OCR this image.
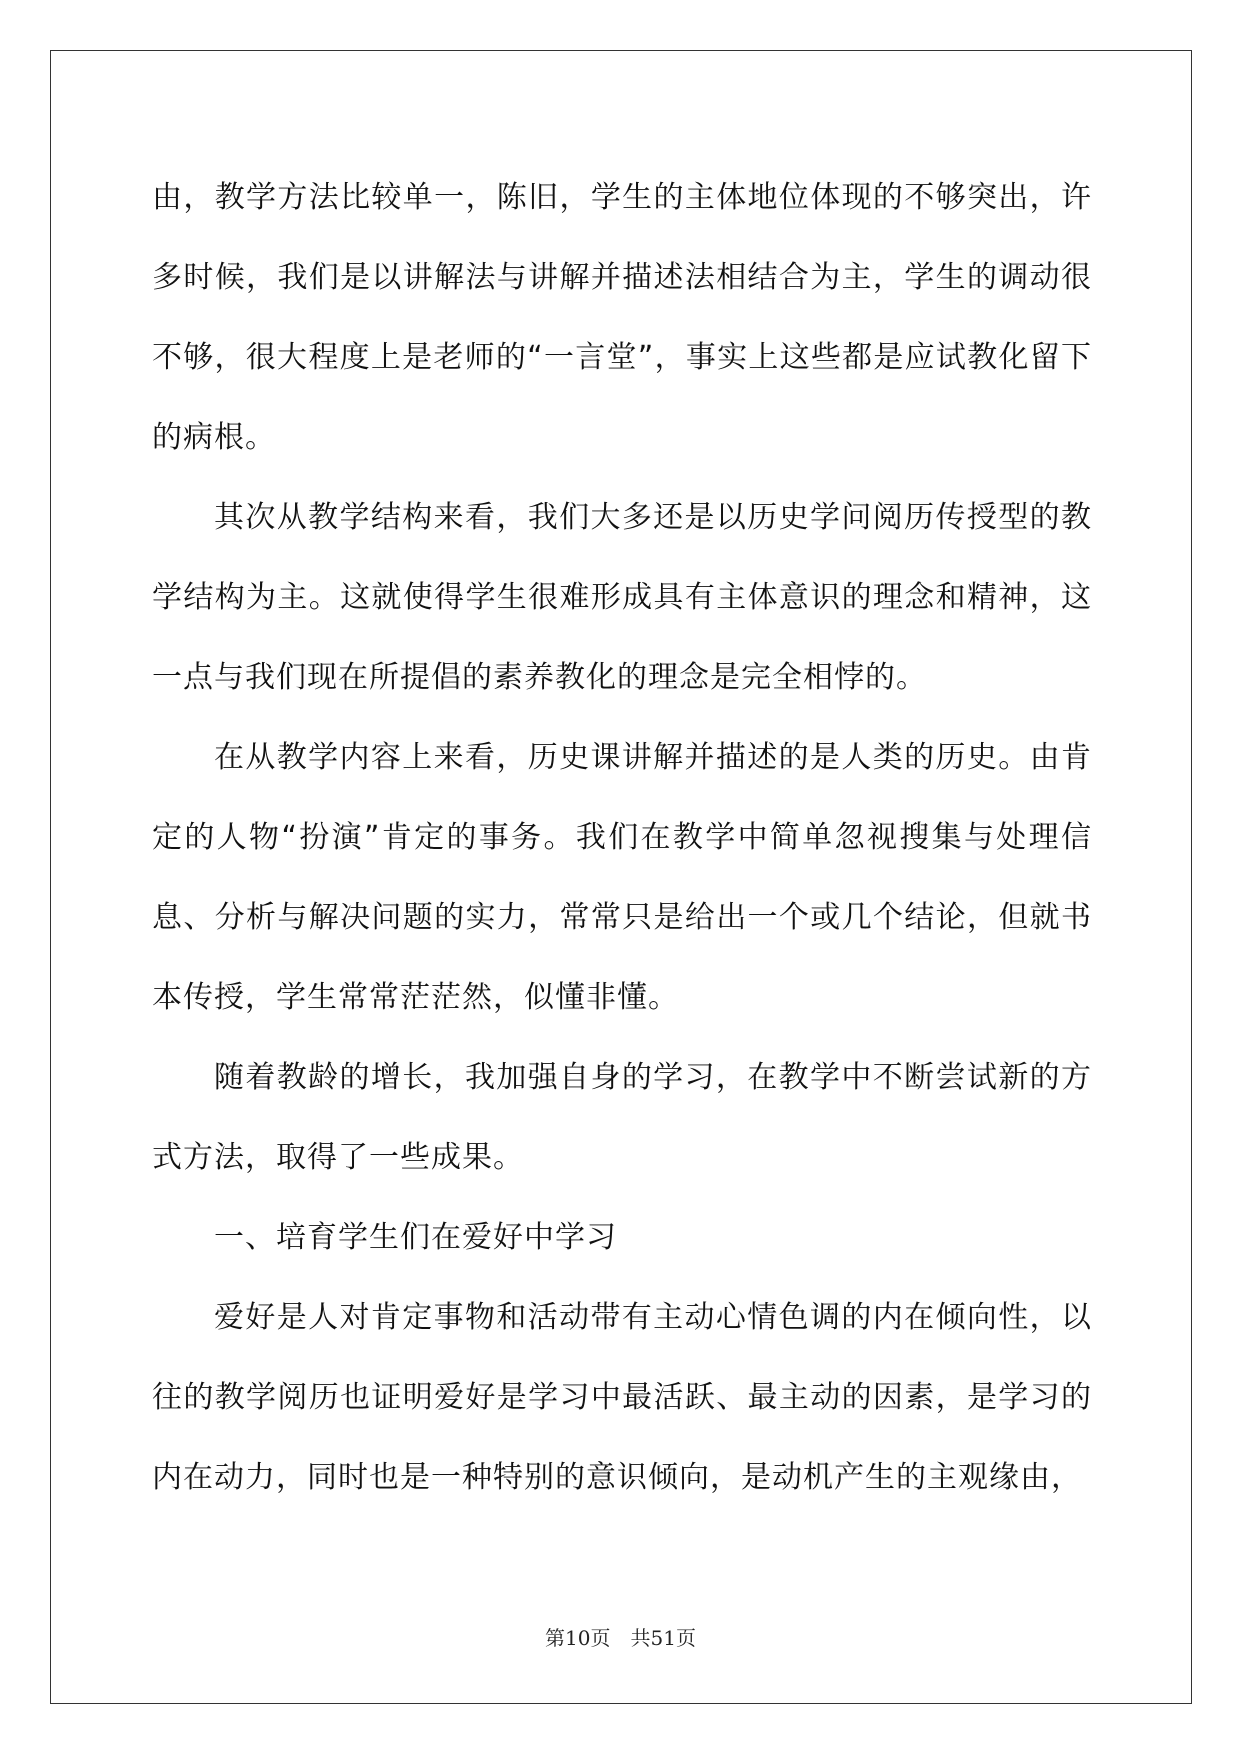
由，教学方法比较单一，陈旧，学生的主体地位体现的不够突出，许多时候，我们是以讲解法与讲解并描述法相结合为主，学生的调动很不够，很大程度上是老师的“一言堂”，事实上这些都是应试教化留下的病根。

其次从教学结构来看，我们大多还是以历史学问阅历传授型的教学结构为主。这就使得学生很难形成具有主体意识的理念和精神，这一点与我们现在所提倡的素养教化的理念是完全相悖的。

在从教学内容上来看，历史课讲解并描述的是人类的历史。由肯定的人物“扮演”肯定的事务。我们在教学中简单忽视搜集与处理信息、分析与解决问题的实力，常常只是给出一个或几个结论，但就书本传授，学生常常茫茫然，似懂非懂。

随着教龄的增长，我加强自身的学习，在教学中不断尝试新的方式方法，取得了一些成果。

一、培育学生们在爱好中学习

爱好是人对肯定事物和活动带有主动心情色调的内在倾向性，以往的教学阅历也证明爱好是学习中最活跃、最主动的因素，是学习的内在动力，同时也是一种特别的意识倾向，是动机产生的主观缘由，

第10页 共51页
